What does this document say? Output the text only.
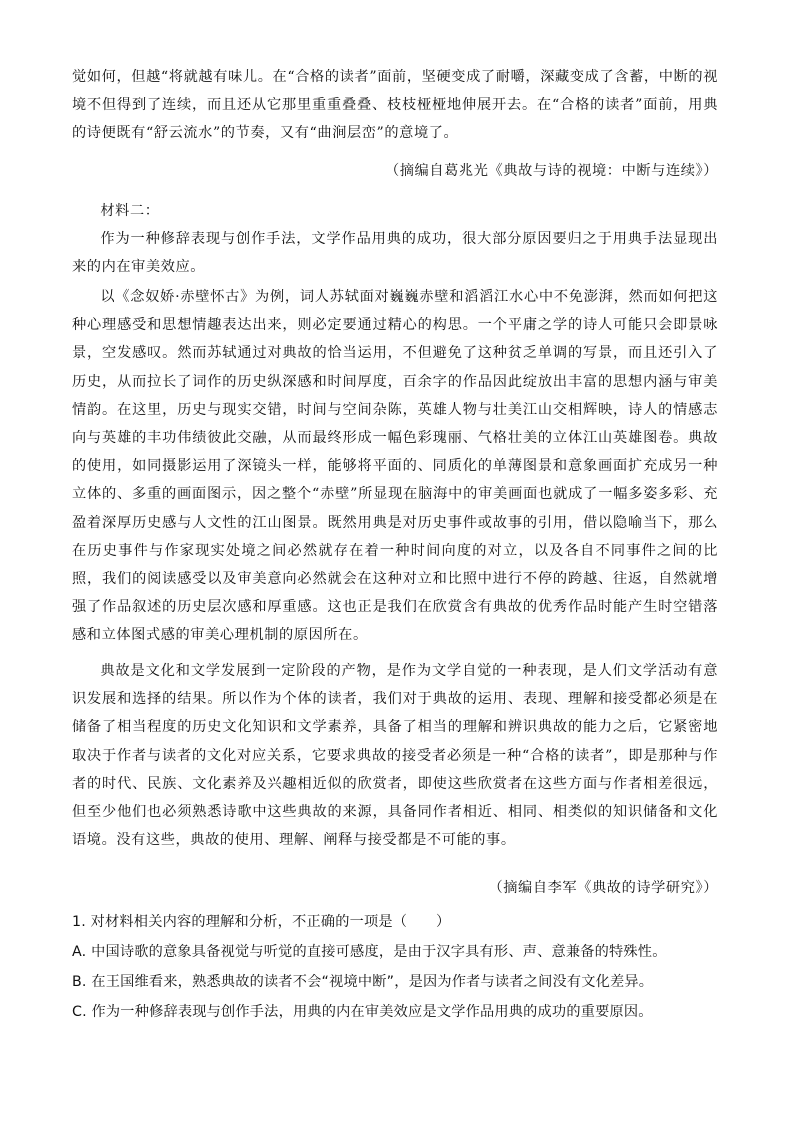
觉如何，但越“将就越有味儿。在“合格的读者”面前，坚硬变成了耐嚼，深藏变成了含蓄，中断的视境不但得到了连续，而且还从它那里重重叠叠、枝枝桠桠地伸展开去。在“合格的读者”面前，用典的诗便既有“舒云流水”的节奏，又有“曲涧层峦”的意境了。

（摘编自葛兆光《典故与诗的视境：中断与连续》）

材料二：

作为一种修辞表现与创作手法，文学作品用典的成功，很大部分原因要归之于用典手法显现出来的内在审美效应。

以《念奴娇·赤壁怀古》为例，词人苏轼面对巍巍赤壁和滔滔江水心中不免澎湃，然而如何把这种心理感受和思想情趣表达出来，则必定要通过精心的构思。一个平庸之学的诗人可能只会即景咏景，空发感叹。然而苏轼通过对典故的恰当运用，不但避免了这种贫乏单调的写景，而且还引入了历史，从而拉长了词作的历史纵深感和时间厚度，百余字的作品因此绽放出丰富的思想内涵与审美情韵。在这里，历史与现实交错，时间与空间杂陈，英雄人物与壮美江山交相辉映，诗人的情感志向与英雄的丰功伟绩彼此交融，从而最终形成一幅色彩瑰丽、气格壮美的立体江山英雄图卷。典故的使用，如同摄影运用了深镜头一样，能够将平面的、同质化的单薄图景和意象画面扩充成另一种立体的、多重的画面图示，因之整个“赤壁”所显现在脑海中的审美画面也就成了一幅多姿多彩、充盈着深厚历史感与人文性的江山图景。既然用典是对历史事件或故事的引用，借以隐喻当下，那么在历史事件与作家现实处境之间必然就存在着一种时间向度的对立，以及各自不同事件之间的比照，我们的阅读感受以及审美意向必然就会在这种对立和比照中进行不停的跨越、往返，自然就增强了作品叙述的历史层次感和厚重感。这也正是我们在欣赏含有典故的优秀作品时能产生时空错落感和立体图式感的审美心理机制的原因所在。

典故是文化和文学发展到一定阶段的产物，是作为文学自觉的一种表现，是人们文学活动有意识发展和选择的结果。所以作为个体的读者，我们对于典故的运用、表现、理解和接受都必须是在储备了相当程度的历史文化知识和文学素养，具备了相当的理解和辨识典故的能力之后，它紧密地取决于作者与读者的文化对应关系，它要求典故的接受者必须是一种“合格的读者”，即是那种与作者的时代、民族、文化素养及兴趣相近似的欣赏者，即使这些欣赏者在这些方面与作者相差很远，但至少他们也必须熟悉诗歌中这些典故的来源，具备同作者相近、相同、相类似的知识储备和文化语境。没有这些，典故的使用、理解、阐释与接受都是不可能的事。

（摘编自李军《典故的诗学研究》）

1. 对材料相关内容的理解和分析，不正确的一项是（　　）

A. 中国诗歌的意象具备视觉与听觉的直接可感度，是由于汉字具有形、声、意兼备的特殊性。

B. 在王国维看来，熟悉典故的读者不会“视境中断”，是因为作者与读者之间没有文化差异。

C. 作为一种修辞表现与创作手法，用典的内在审美效应是文学作品用典的成功的重要原因。
